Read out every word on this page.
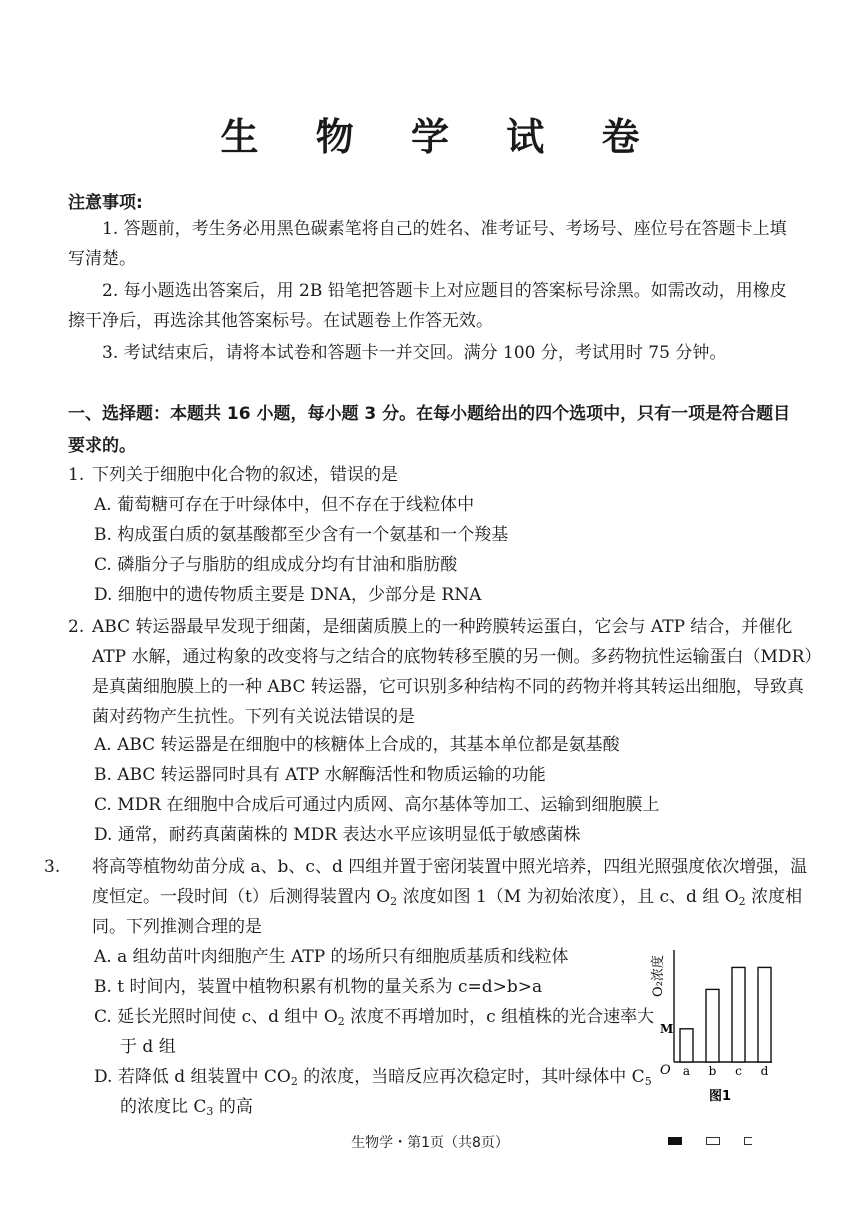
生 物 学 试 卷
注意事项:
1. 答题前，考生务必用黑色碳素笔将自己的姓名、准考证号、考场号、座位号在答题卡上填写清楚。
2. 每小题选出答案后，用 2B 铅笔把答题卡上对应题目的答案标号涂黑。如需改动，用橡皮擦干净后，再选涂其他答案标号。在试题卷上作答无效。
3. 考试结束后，请将本试卷和答题卡一并交回。满分 100 分，考试用时 75 分钟。
一、选择题：本题共 16 小题，每小题 3 分。在每小题给出的四个选项中，只有一项是符合题目要求的。
1. 下列关于细胞中化合物的叙述，错误的是
A. 葡萄糖可存在于叶绿体中，但不存在于线粒体中
B. 构成蛋白质的氨基酸都至少含有一个氨基和一个羧基
C. 磷脂分子与脂肪的组成成分均有甘油和脂肪酸
D. 细胞中的遗传物质主要是 DNA，少部分是 RNA
2. ABC 转运器最早发现于细菌，是细菌质膜上的一种跨膜转运蛋白，它会与 ATP 结合，并催化 ATP 水解，通过构象的改变将与之结合的底物转移至膜的另一侧。多药物抗性运输蛋白（MDR）是真菌细胞膜上的一种 ABC 转运器，它可识别多种结构不同的药物并将其转运出细胞，导致真菌对药物产生抗性。下列有关说法错误的是
A. ABC 转运器是在细胞中的核糖体上合成的，其基本单位都是氨基酸
B. ABC 转运器同时具有 ATP 水解酶活性和物质运输的功能
C. MDR 在细胞中合成后可通过内质网、高尔基体等加工、运输到细胞膜上
D. 通常，耐药真菌菌株的 MDR 表达水平应该明显低于敏感菌株
3. 将高等植物幼苗分成 a、b、c、d 四组并置于密闭装置中照光培养，四组光照强度依次增强，温度恒定。一段时间（t）后测得装置内 $O_2$ 浓度如图 1（M 为初始浓度），且 c、d 组 $O_2$ 浓度相同。下列推测合理的是
A. a 组幼苗叶肉细胞产生 ATP 的场所只有细胞质基质和线粒体
B. t 时间内，装置中植物积累有机物的量关系为 c=d>b>a
C. 延长光照时间使 c、d 组中 $O_2$ 浓度不再增加时，c 组植株的光合速率大于 d 组
D. 若降低 d 组装置中 $CO_2$ 的浓度，当暗反应再次稳定时，其叶绿体中 $C_5$ 的浓度比 $C_3$ 的高
O₂浓度
O
M
a b c d
图1
生物学・第1页（共8页）
